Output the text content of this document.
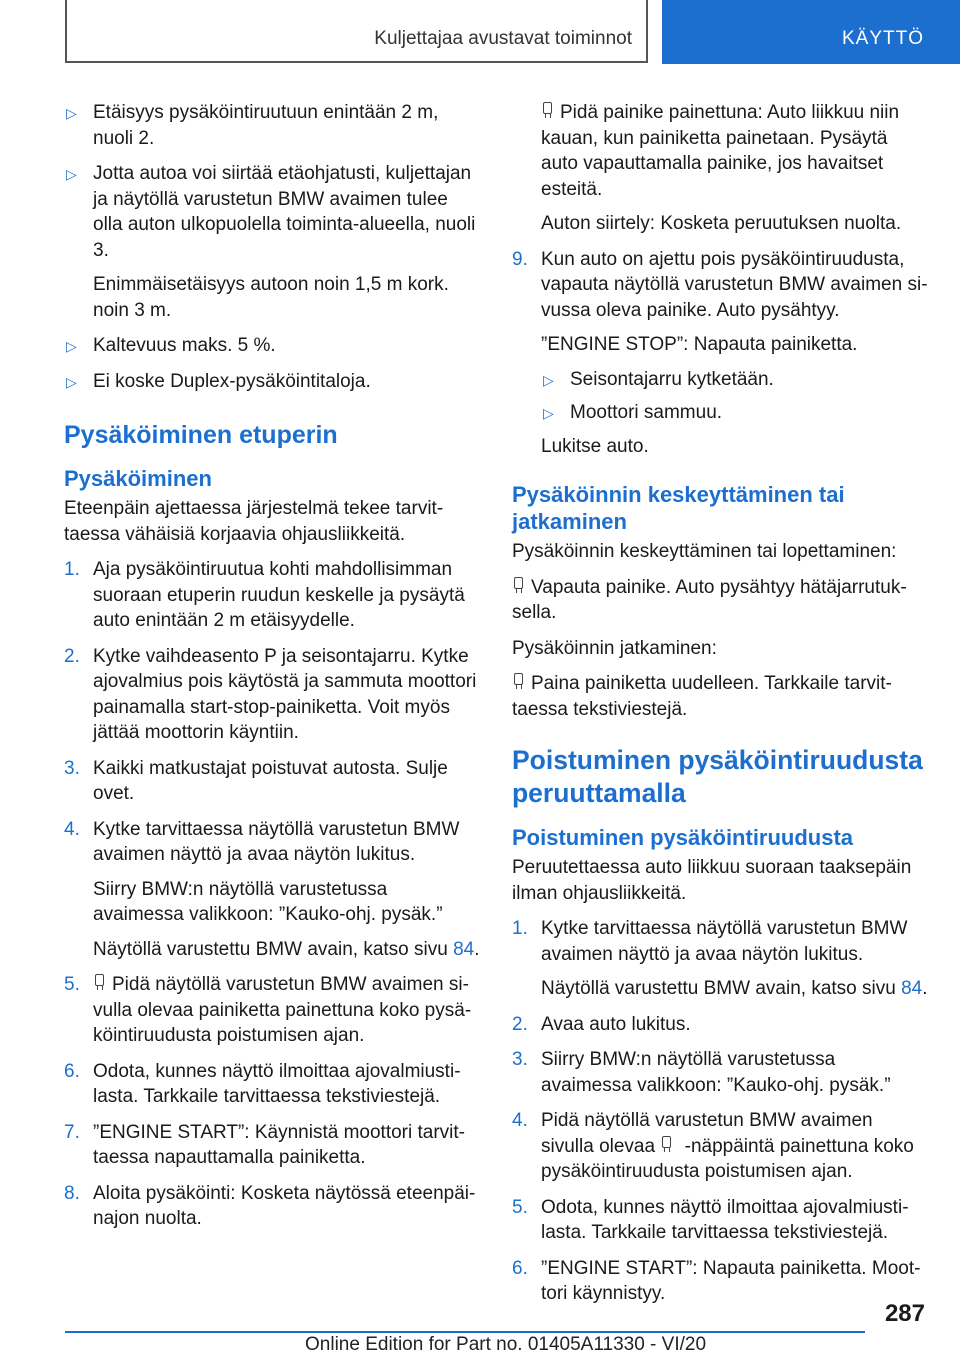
Kuljettajaa avustavat toiminnot	KÄYTTÖ
▷ Etäisyys pysäköintiruutuun enintään 2 m, nuoli 2.
▷ Jotta autoa voi siirtää etäohjatusti, kuljettajan ja näytöllä varustetun BMW avaimen tulee olla auton ulkopuolella toiminta-alueella, nuoli 3.
Enimmäisetäisyys autoon noin 1,5 m kork. noin 3 m.
▷ Kaltevuus maks. 5 %.
▷ Ei koske Duplex-pysäköintitaloja.
Pysäköiminen etuperin
Pysäköiminen
Eteenpäin ajettaessa järjestelmä tekee tarvittaessa vähäisiä korjaavia ohjausliikkeitä.
1. Aja pysäköintiruutua kohti mahdollisimman suoraan etuperin ruudun keskelle ja pysäytä auto enintään 2 m etäisyydelle.
2. Kytke vaihdeasento P ja seisontajarru. Kytke ajovalmius pois käytöstä ja sammuta moottori painamalla start-stop-painiketta. Voit myös jättää moottorin käyntiin.
3. Kaikki matkustajat poistuvat autosta. Sulje ovet.
4. Kytke tarvittaessa näytöllä varustetun BMW avaimen näyttö ja avaa näytön lukitus.
Siirry BMW:n näytöllä varustetussa avaimessa valikkoon: ”Kauko-ohj. pysäk.”
Näytöllä varustettu BMW avain, katso sivu 84.
5.	Pidä näytöllä varustetun BMW avaimen sivulla olevaa painiketta painettuna koko pysäköintiruudusta poistumisen ajan.
6. Odota, kunnes näyttö ilmoittaa ajovalmiustilasta. Tarkkaile tarvittaessa tekstiviestejä.
7. ”ENGINE START”: Käynnistä moottori tarvittaessa napauttamalla painiketta.
8. Aloita pysäköinti: Kosketa näytössä eteenpäinajon nuolta.
Pidä painike painettuna: Auto liikkuu niin kauan, kun painiketta painetaan. Pysäytä auto vapauttamalla painike, jos havaitset esteitä.
Auton siirtely: Kosketa peruutuksen nuolta.
9. Kun auto on ajettu pois pysäköintiruudusta, vapauta näytöllä varustetun BMW avaimen sivussa oleva painike. Auto pysähtyy.
”ENGINE STOP”: Napauta painiketta.
▷ Seisontajarru kytketään.
▷ Moottori sammuu.
Lukitse auto.
Pysäköinnin keskeyttäminen tai jatkaminen
Pysäköinnin keskeyttäminen tai lopettaminen:
Vapauta painike. Auto pysähtyy hätäjarrutuksella.
Pysäköinnin jatkaminen:
Paina painiketta uudelleen. Tarkkaile tarvittaessa tekstiviestejä.
Poistuminen pysäköintiruudusta peruuttamalla
Poistuminen pysäköintiruudusta
Peruutettaessa auto liikkuu suoraan taaksepäin ilman ohjausliikkeitä.
1. Kytke tarvittaessa näytöllä varustetun BMW avaimen näyttö ja avaa näytön lukitus.
Näytöllä varustettu BMW avain, katso sivu 84.
2. Avaa auto lukitus.
3. Siirry BMW:n näytöllä varustetussa avaimessa valikkoon: ”Kauko-ohj. pysäk.”
4. Pidä näytöllä varustetun BMW avaimen sivulla olevaa  -näppäintä painettuna koko pysäköintiruudusta poistumisen ajan.
5. Odota, kunnes näyttö ilmoittaa ajovalmiustilasta. Tarkkaile tarvittaessa tekstiviestejä.
6. ”ENGINE START”: Napauta painiketta. Moottori käynnistyy.
287
Online Edition for Part no. 01405A11330 - VI/20
